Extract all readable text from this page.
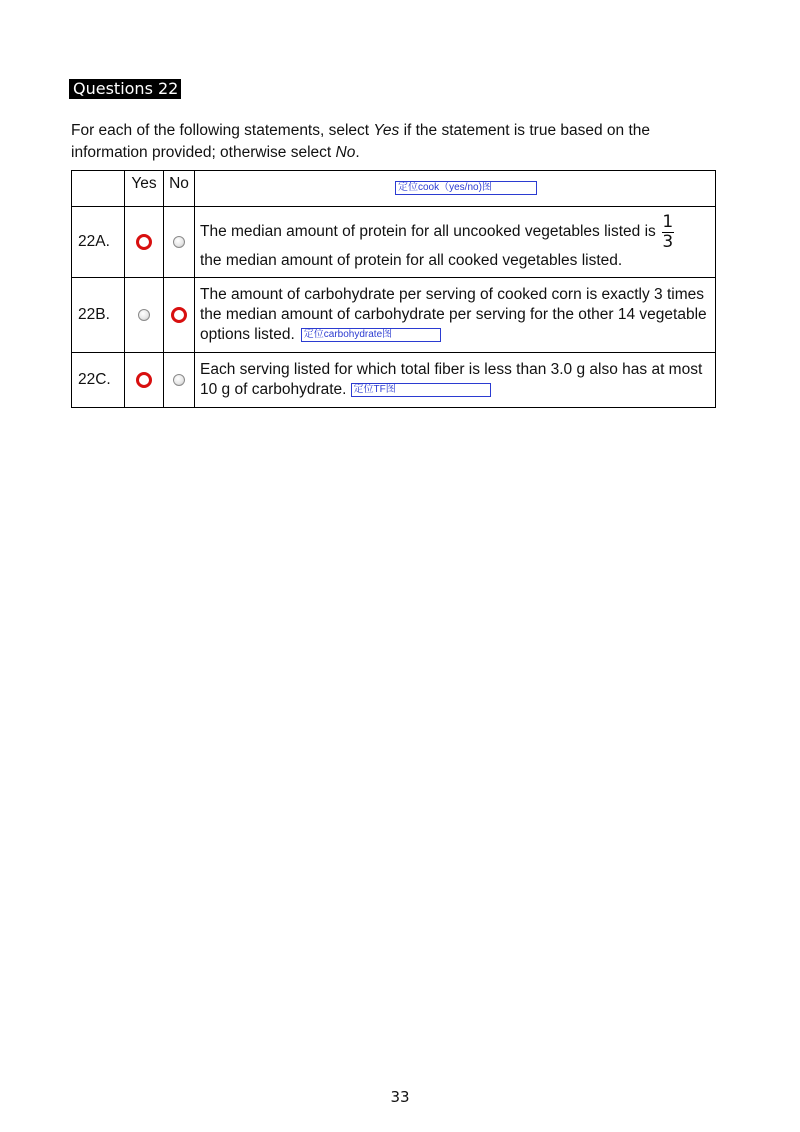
Questions 22
For each of the following statements, select Yes if the statement is true based on the information provided; otherwise select No.
	Yes	No	定位cook（yes/no)图
22A.			The median amount of protein for all uncooked vegetables listed is $\frac{1}{3}$
the median amount of protein for all cooked vegetables listed.

22B.			The amount of carbohydrate per serving of cooked corn is exactly 3 times the median amount of carbohydrate per serving for the other 14 vegetable options listed. 定位carbohydrate图
22C.			Each serving listed for which total fiber is less than 3.0 g also has at most 10 g of carbohydrate. 定位TF图
33
